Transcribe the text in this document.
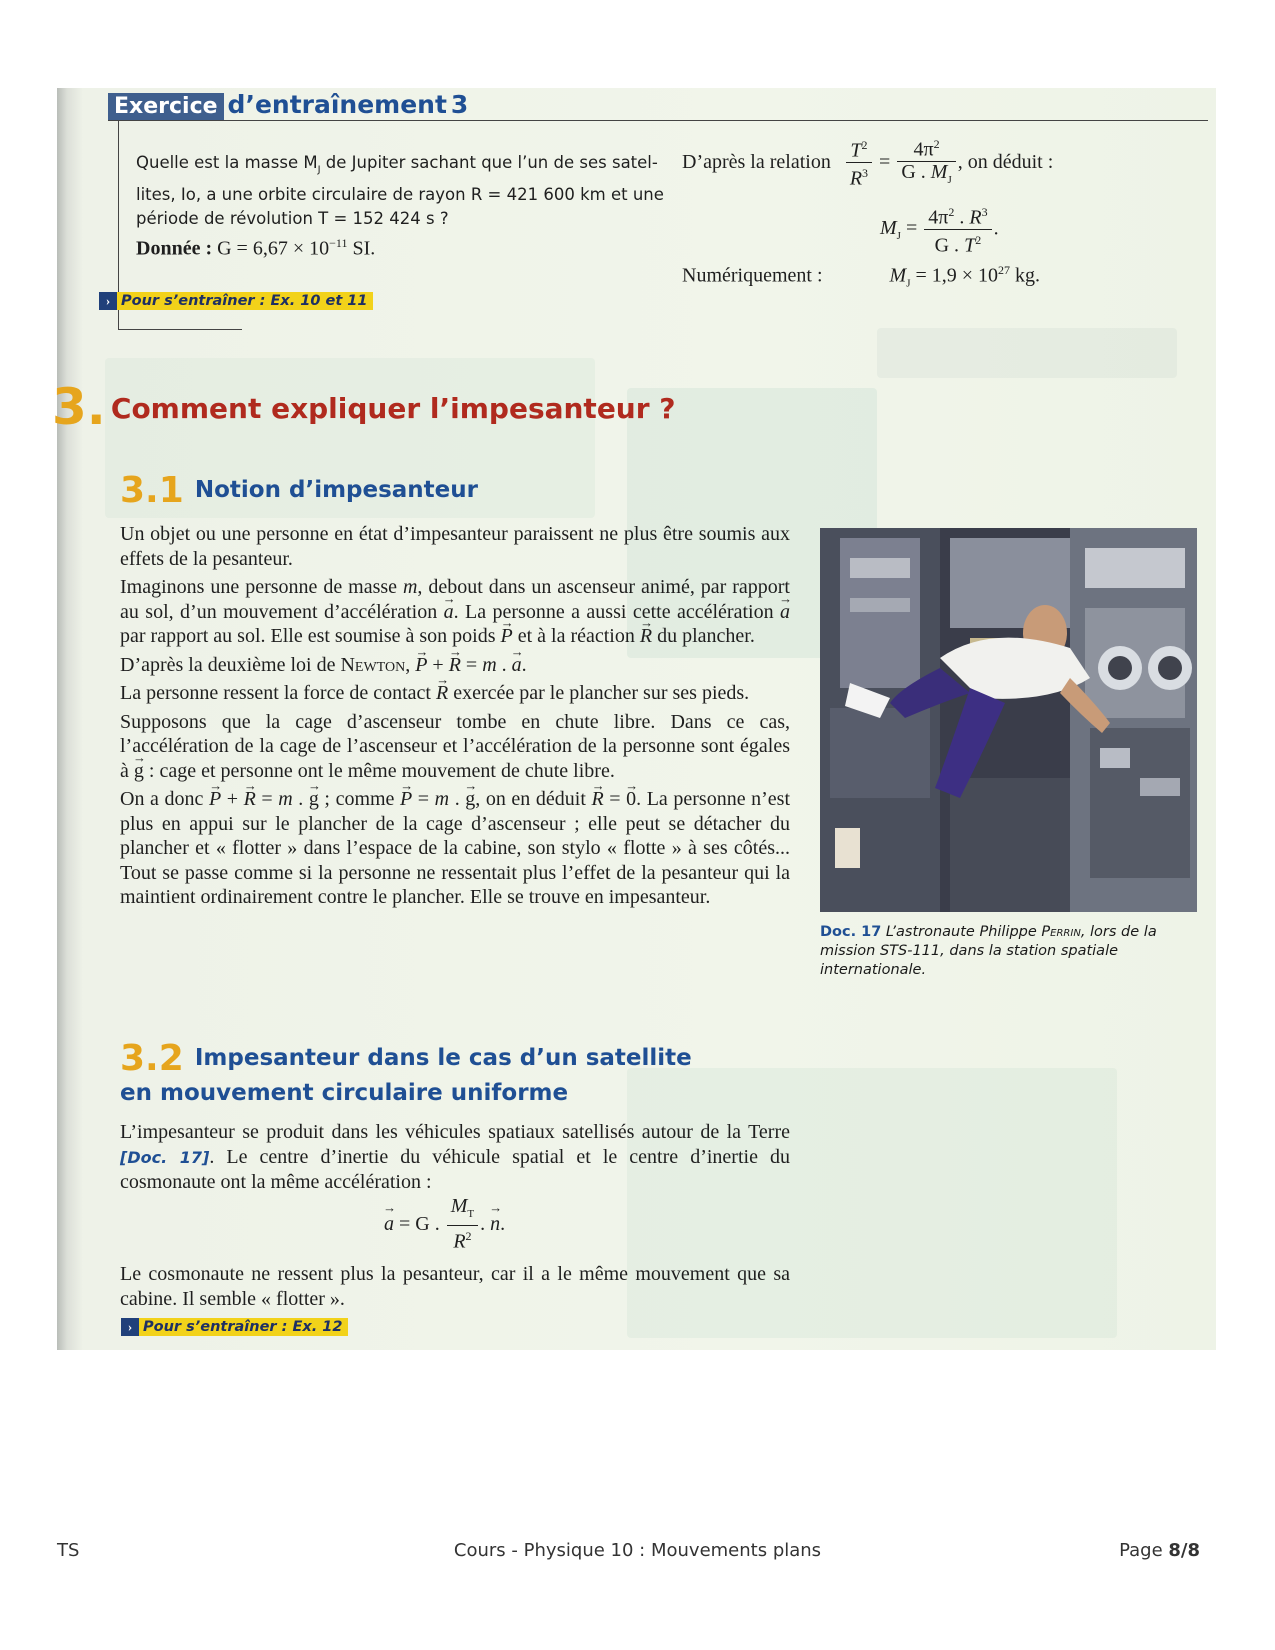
Exercice d’entraînement 3
Quelle est la masse $M_J$ de Jupiter sachant que l’un de ses satel-
lites, Io, a une orbite circulaire de rayon R = 421 600 km et une
période de révolution T = 152 424 s ?
Donnée : $G = 6,67 \times 10^{-11}$ SI.
› Pour s’entraîner : Ex. 10 et 11
D’après la relation $\frac{T^2}{R^3} = \frac{4\pi^2}{G . M_J}$ , on déduit :
$M_J = \frac{4\pi^2 . R^3}{G . T^2}$ .
Numériquement :	$M_J = 1,9 \times 10^{27}$ kg.
3. Comment expliquer l’impesanteur ?
3.1 Notion d’impesanteur

Un objet ou une personne en état d’impesanteur paraissent ne plus être soumis aux effets de la pesanteur.

Imaginons une personne de masse m, debout dans un ascenseur animé, par rapport au sol, d’un mouvement d’accélération → a. La personne a aussi cette accélération → a par rapport au sol. Elle est soumise à son poids → P et à la réaction → R du plancher.

D’après la deuxième loi de Newton, → P + → R = m . → a.

La personne ressent la force de contact → R exercée par le plancher sur ses pieds.

Supposons que la cage d’ascenseur tombe en chute libre. Dans ce cas, l’accélération de la cage de l’ascenseur et l’accélération de la personne sont égales à → g : cage et personne ont le même mouvement de chute libre.

On a donc → P + → R = m . → g ; comme → P = m . → g, on en déduit → R = → 0. La personne n’est plus en appui sur le plancher de la cage d’ascenseur ; elle peut se détacher du plancher et « flotter » dans l’espace de la cabine, son stylo « flotte » à ses côtés... Tout se passe comme si la personne ne ressentait plus l’effet de la pesanteur qui la maintient ordinairement contre le plancher. Elle se trouve en impesanteur.

Doc. 17 L’astronaute Philippe Perrin, lors de la mission STS-111, dans la station spatiale internationale.
3.2 Impesanteur dans le cas d’un satellite
en mouvement circulaire uniforme

L’impesanteur se produit dans les véhicules spatiaux satellisés autour de la Terre [Doc. 17]. Le centre d’inertie du véhicule spatial et le centre d’inertie du cosmonaute ont la même accélération :

→ a = G . $\frac{M_T}{R^2}$ . → n.

Le cosmonaute ne ressent plus la pesanteur, car il a le même mouvement que sa cabine. Il semble « flotter ».

› Pour s’entraîner : Ex. 12
TS	Cours - Physique 10 : Mouvements plans	Page 8/8
